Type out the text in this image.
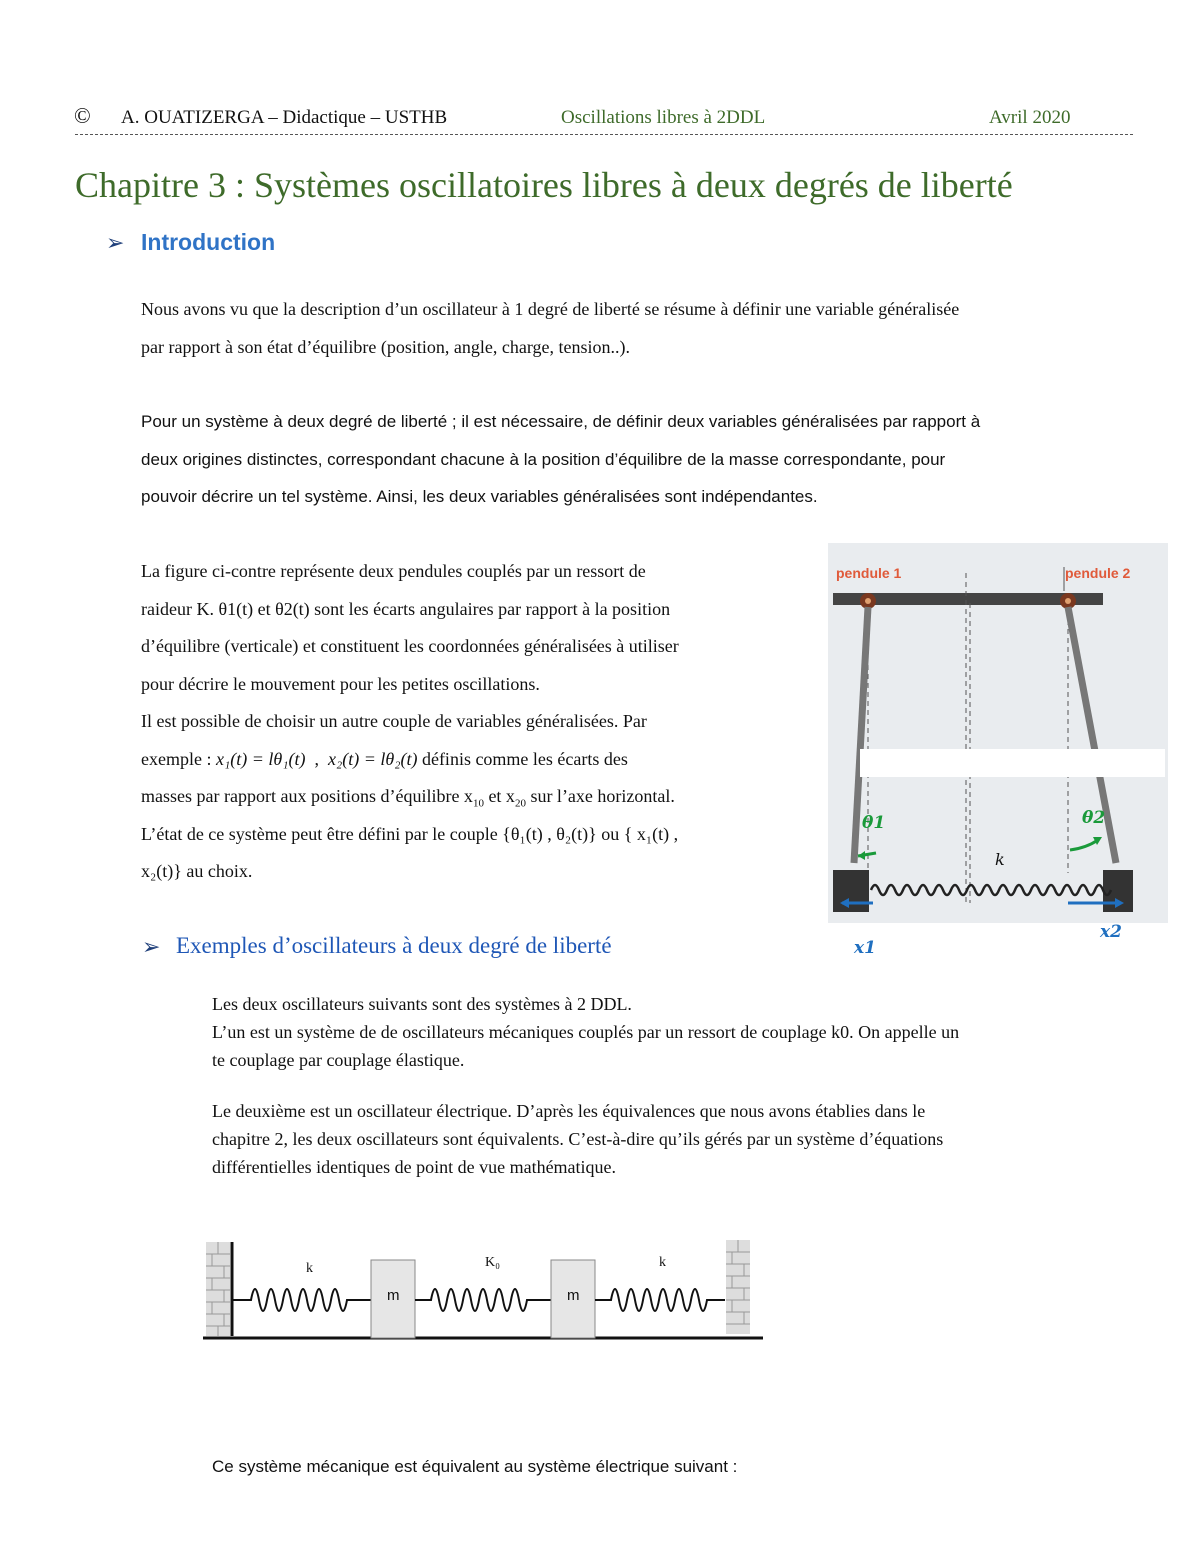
© A. OUATIZERGA – Didactique – USTHB	Oscillations libres à 2DDL	Avril 2020
Chapitre 3 : Systèmes oscillatoires libres à deux degrés de liberté
➢ Introduction
Nous avons vu que la description d’un oscillateur à 1 degré de liberté se résume à définir une variable généralisée
par rapport à son état d’équilibre (position, angle, charge, tension..).
Pour un système à deux degré de liberté ; il est nécessaire, de définir deux variables généralisées par rapport à
deux origines distinctes, correspondant chacune à la position d’équilibre de la masse correspondante, pour
pouvoir décrire un tel système. Ainsi, les deux variables généralisées sont indépendantes.
La figure ci-contre représente deux pendules couplés par un ressort de
raideur K. θ1(t) et θ2(t) sont les écarts angulaires par rapport à la position
d’équilibre (verticale) et constituent les coordonnées généralisées à utiliser
pour décrire le mouvement pour les petites oscillations.
Il est possible de choisir un autre couple de variables généralisées. Par
exemple : x₁(t) = lθ₁(t)  ,  x₂(t) = lθ₂(t) définis comme les écarts des
masses par rapport aux positions d’équilibre $x_{10}$ et $x_{20}$ sur l’axe horizontal.
L’état de ce système peut être défini par le couple {θ₁(t) , θ₂(t)} ou { x₁(t) ,
x₂(t)} au choix.
pendule 1	pendule 2
k
θ1	θ2
x1
x2
➢ Exemples d’oscillateurs à deux degré de liberté
Les deux oscillateurs suivants sont des systèmes à 2 DDL.
L’un est un système de de oscillateurs mécaniques couplés par un ressort de couplage k0. On appelle un
te couplage par couplage élastique.
Le deuxième est un oscillateur électrique. D’après les équivalences que nous avons établies dans le
chapitre 2, les deux oscillateurs sont équivalents. C’est-à-dire qu’ils gérés par un système d’équations
différentielles identiques de point de vue mathématique.
k	K₀	k
m	m
Ce système mécanique est équivalent au système électrique suivant :
